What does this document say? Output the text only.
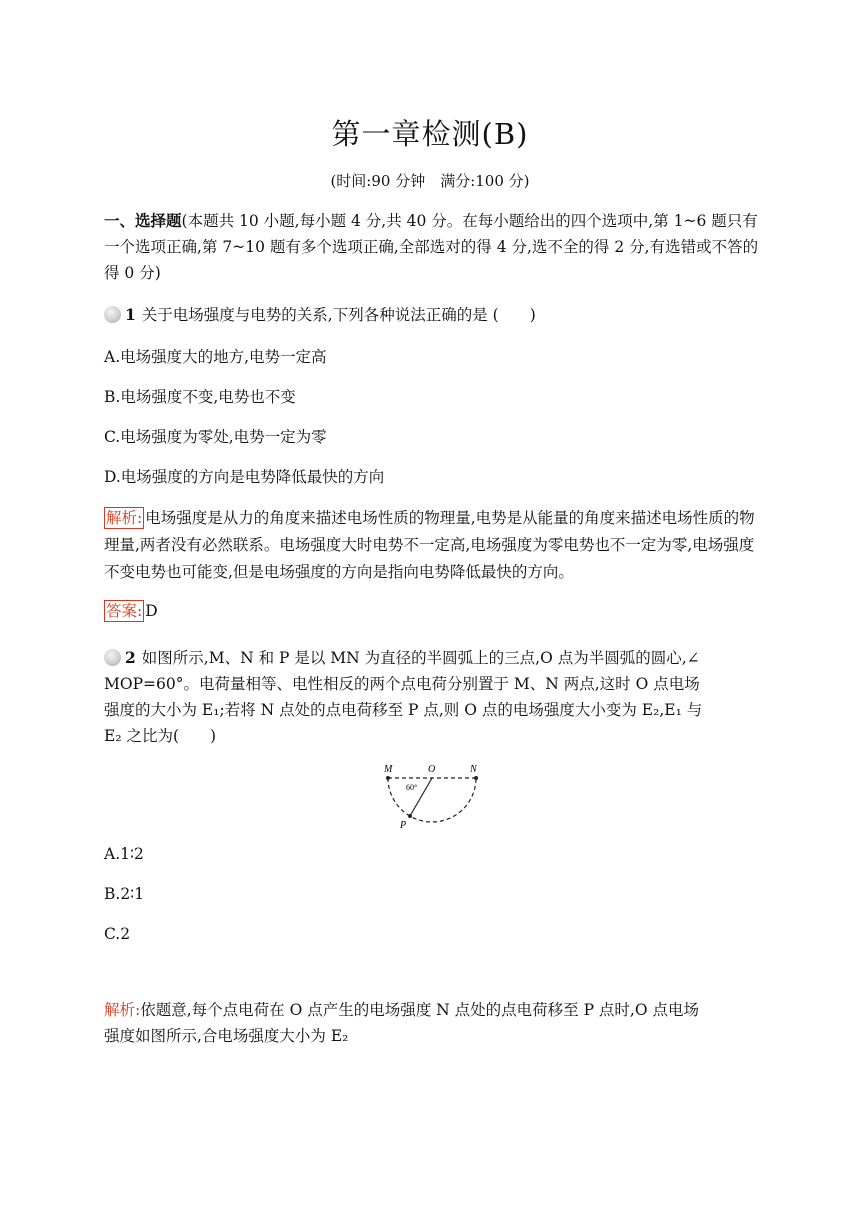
第一章检测(B)
(时间:90 分钟　满分:100 分)
一、选择题(本题共 10 小题,每小题 4 分,共 40 分。在每小题给出的四个选项中,第 1~6 题只有一个选项正确,第 7~10 题有多个选项正确,全部选对的得 4 分,选不全的得 2 分,有选错或不答的得 0 分)
1 关于电场强度与电势的关系,下列各种说法正确的是 (　　)
A.电场强度大的地方,电势一定高
B.电场强度不变,电势也不变
C.电场强度为零处,电势一定为零
D.电场强度的方向是电势降低最快的方向
解析: 电场强度是从力的角度来描述电场性质的物理量,电势是从能量的角度来描述电场性质的物理量,两者没有必然联系。电场强度大时电势不一定高,电场强度为零电势也不一定为零,电场强度不变电势也可能变,但是电场强度的方向是指向电势降低最快的方向。
答案: D
2 如图所示,M、N 和 P 是以 MN 为直径的半圆弧上的三点,O 点为半圆弧的圆心,∠
MOP=60°。电荷量相等、电性相反的两个点电荷分别置于 M、N 两点,这时 O 点电场
强度的大小为 E₁;若将 N 点处的点电荷移至 P 点,则 O 点的电场强度大小变为 E₂,E₁ 与
E₂ 之比为(　　)
M	O	N
P
60°
A.1∶2
B.2∶1
C.2
解析:依题意,每个点电荷在 O 点产生的电场强度 N 点处的点电荷移至 P 点时,O 点电场
强度如图所示,合电场强度大小为 E₂
